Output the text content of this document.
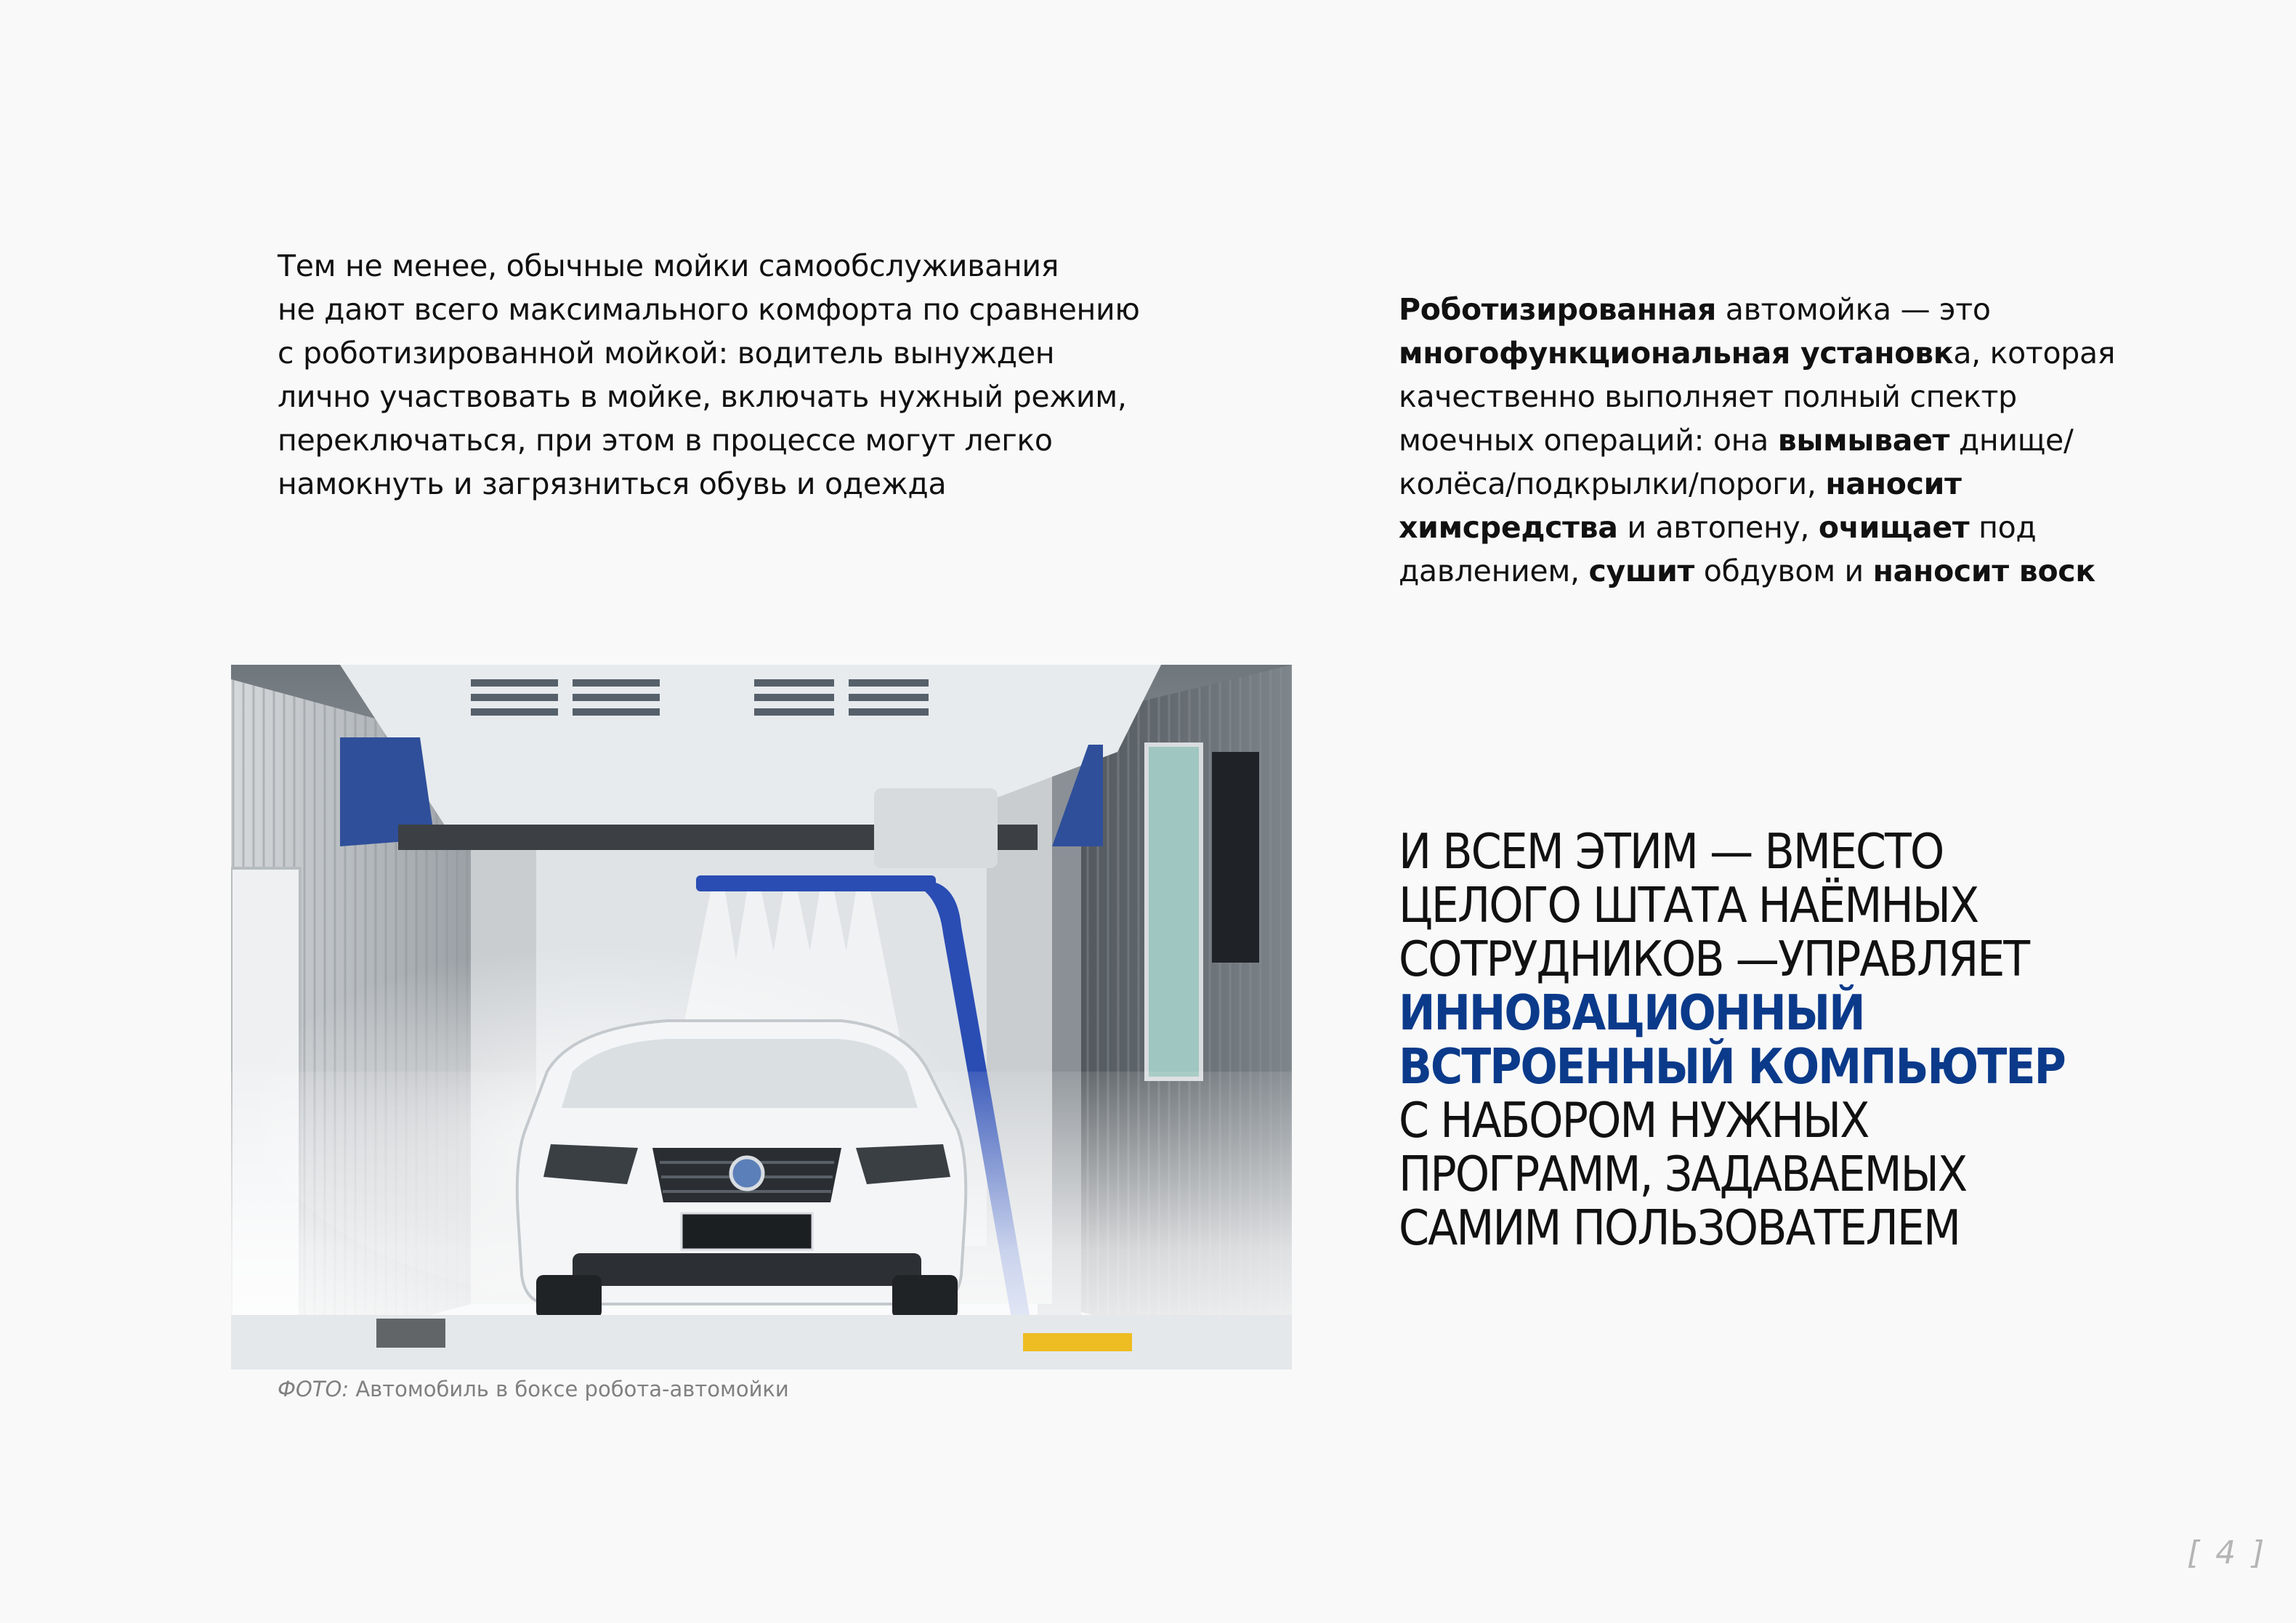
Тем не менее, обычные мойки самообслуживания
не дают всего максимального комфорта по сравнению
с роботизированной мойкой: водитель вынужден
лично участвовать в мойке, включать нужный режим,
переключаться, при этом в процессе могут легко
намокнуть и загрязниться обувь и одежда
Роботизированная автомойка — это
многофункциональная установка, которая
качественно выполняет полный спектр
моечных операций: она вымывает днище/
колёса/подкрылки/пороги, наносит
химсредства и автопену, очищает под
давлением, сушит обдувом и наносит воск
ФОТО: Автомобиль в боксе робота-автомойки
И ВСЕМ ЭТИМ — ВМЕСТО
ЦЕЛОГО ШТАТА НАЁМНЫХ
СОТРУДНИКОВ —УПРАВЛЯЕТ
ИННОВАЦИОННЫЙ
ВСТРОЕННЫЙ КОМПЬЮТЕР
С НАБОРОМ НУЖНЫХ
ПРОГРАММ, ЗАДАВАЕМЫХ
САМИМ ПОЛЬЗОВАТЕЛЕМ
[ 4 ]
